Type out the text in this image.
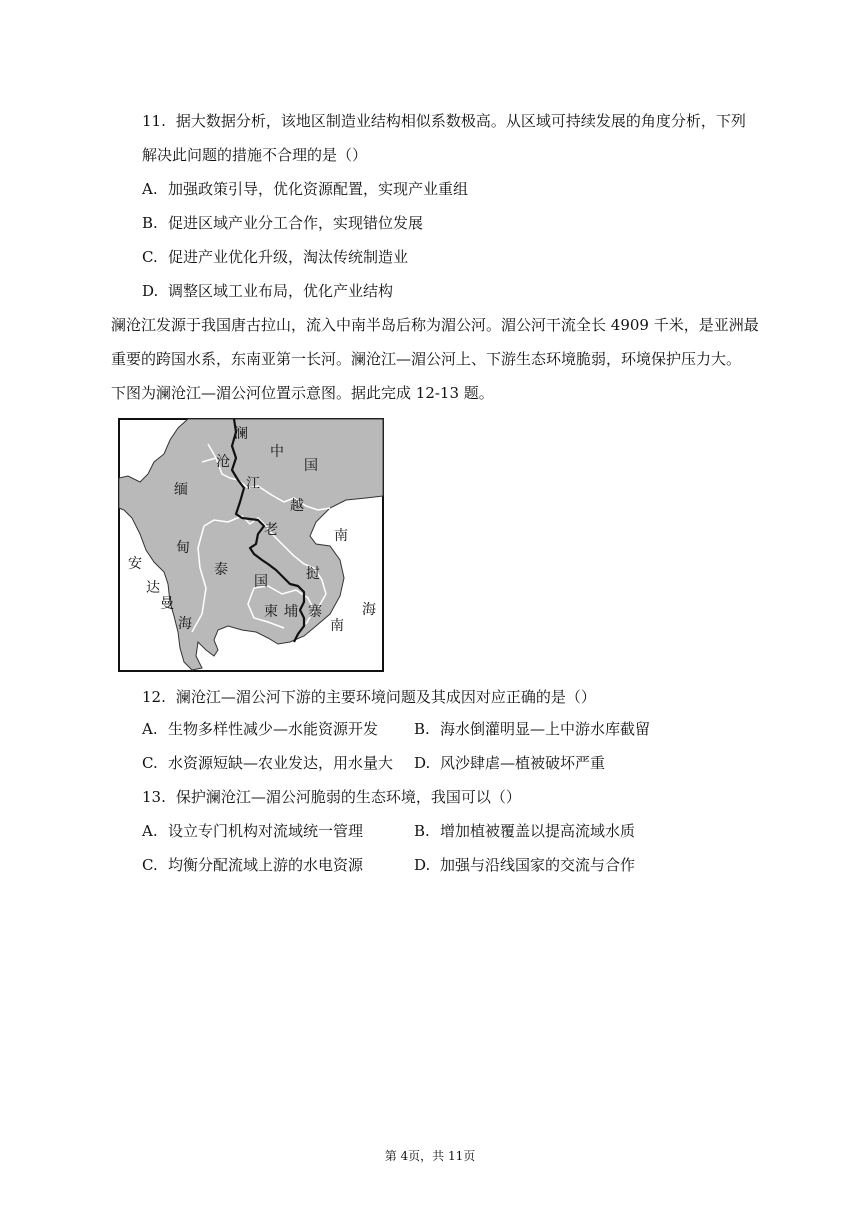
11. 据大数据分析，该地区制造业结构相似系数极高。从区域可持续发展的角度分析，下列
解决此问题的措施不合理的是（）
A. 加强政策引导，优化资源配置，实现产业重组
B. 促进区域产业分工合作，实现错位发展
C. 促进产业优化升级，淘汰传统制造业
D. 调整区域工业布局，优化产业结构
澜沧江发源于我国唐古拉山，流入中南半岛后称为湄公河。湄公河干流全长 4909 千米，是亚洲最
重要的跨国水系，东南亚第一长河。澜沧江—湄公河上、下游生态环境脆弱，环境保护压力大。
下图为澜沧江—湄公河位置示意图。据此完成 12-13 题。
澜
沧
江
中
国
缅
甸
越
老	南
泰
国	挝
柬 埔 寨
南
海
安
达
曼
海
12. 澜沧江—湄公河下游的主要环境问题及其成因对应正确的是（）
A. 生物多样性减少—水能资源开发 B. 海水倒灌明显—上中游水库截留
C. 水资源短缺—农业发达，用水量大 D. 风沙肆虐—植被破坏严重
13. 保护澜沧江—湄公河脆弱的生态环境，我国可以（）
A. 设立专门机构对流域统一管理	B. 增加植被覆盖以提高流域水质
C. 均衡分配流域上游的水电资源	D. 加强与沿线国家的交流与合作
第 4页，共 11页
